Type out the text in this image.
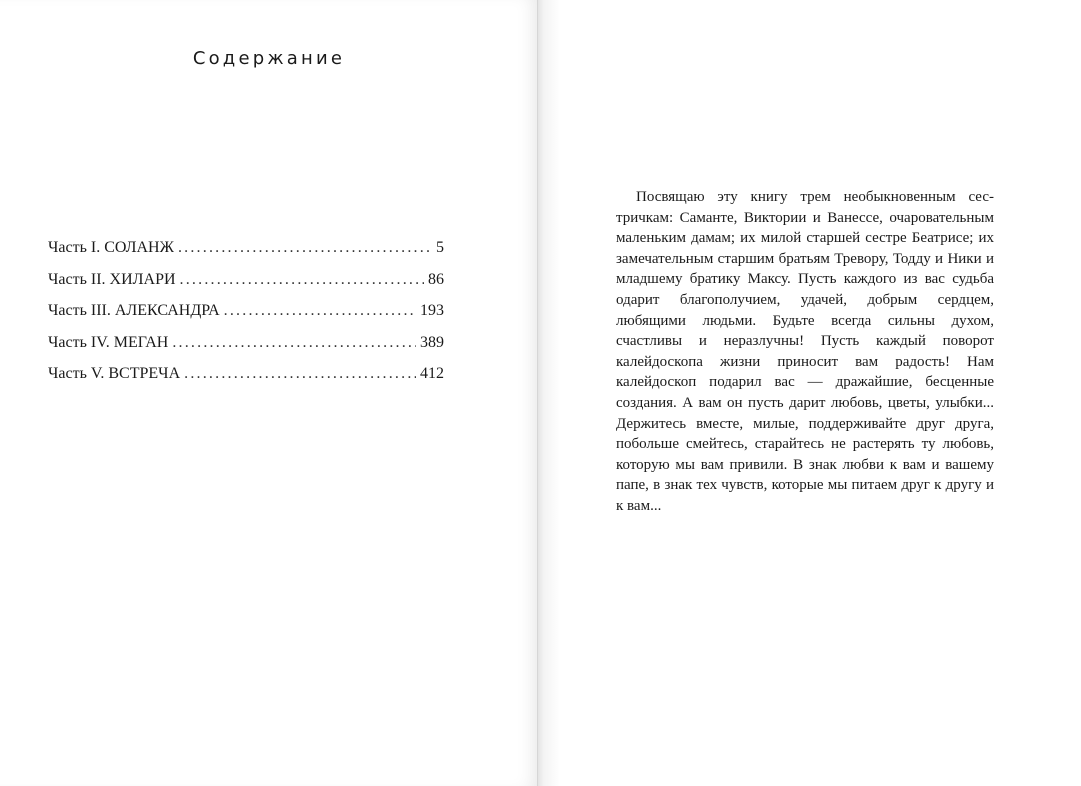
Содержание
Часть I. СОЛАНЖ .....	5
Часть II. ХИЛАРИ .....	86
Часть III. АЛЕКСАНДРА .....	193
Часть IV. МЕГАН .....	389
Часть V. ВСТРЕЧА .....	412

Посвящаю эту книгу трем необыкновенным сестричкам: Саманте, Виктории и Ванессе, очаровательным маленьким дамам; их милой старшей сестре Беатрисе; их замечательным старшим братьям Тревору, Тодду и Ники и младшему братику Максу. Пусть каждого из вас судьба одарит благополучием, удачей, добрым сердцем, любящими людьми. Будьте всегда сильны духом, счастливы и неразлучны! Пусть каждый поворот калейдоскопа жизни приносит вам радость! Нам калейдоскоп подарил вас — дражайшие, бесценные создания. А вам он пусть дарит любовь, цветы, улыбки... Держитесь вместе, милые, поддерживайте друг друга, побольше смейтесь, старайтесь не растерять ту любовь, которую мы вам привили. В знак любви к вам и вашему папе, в знак тех чувств, которые мы питаем друг к другу и к вам...
